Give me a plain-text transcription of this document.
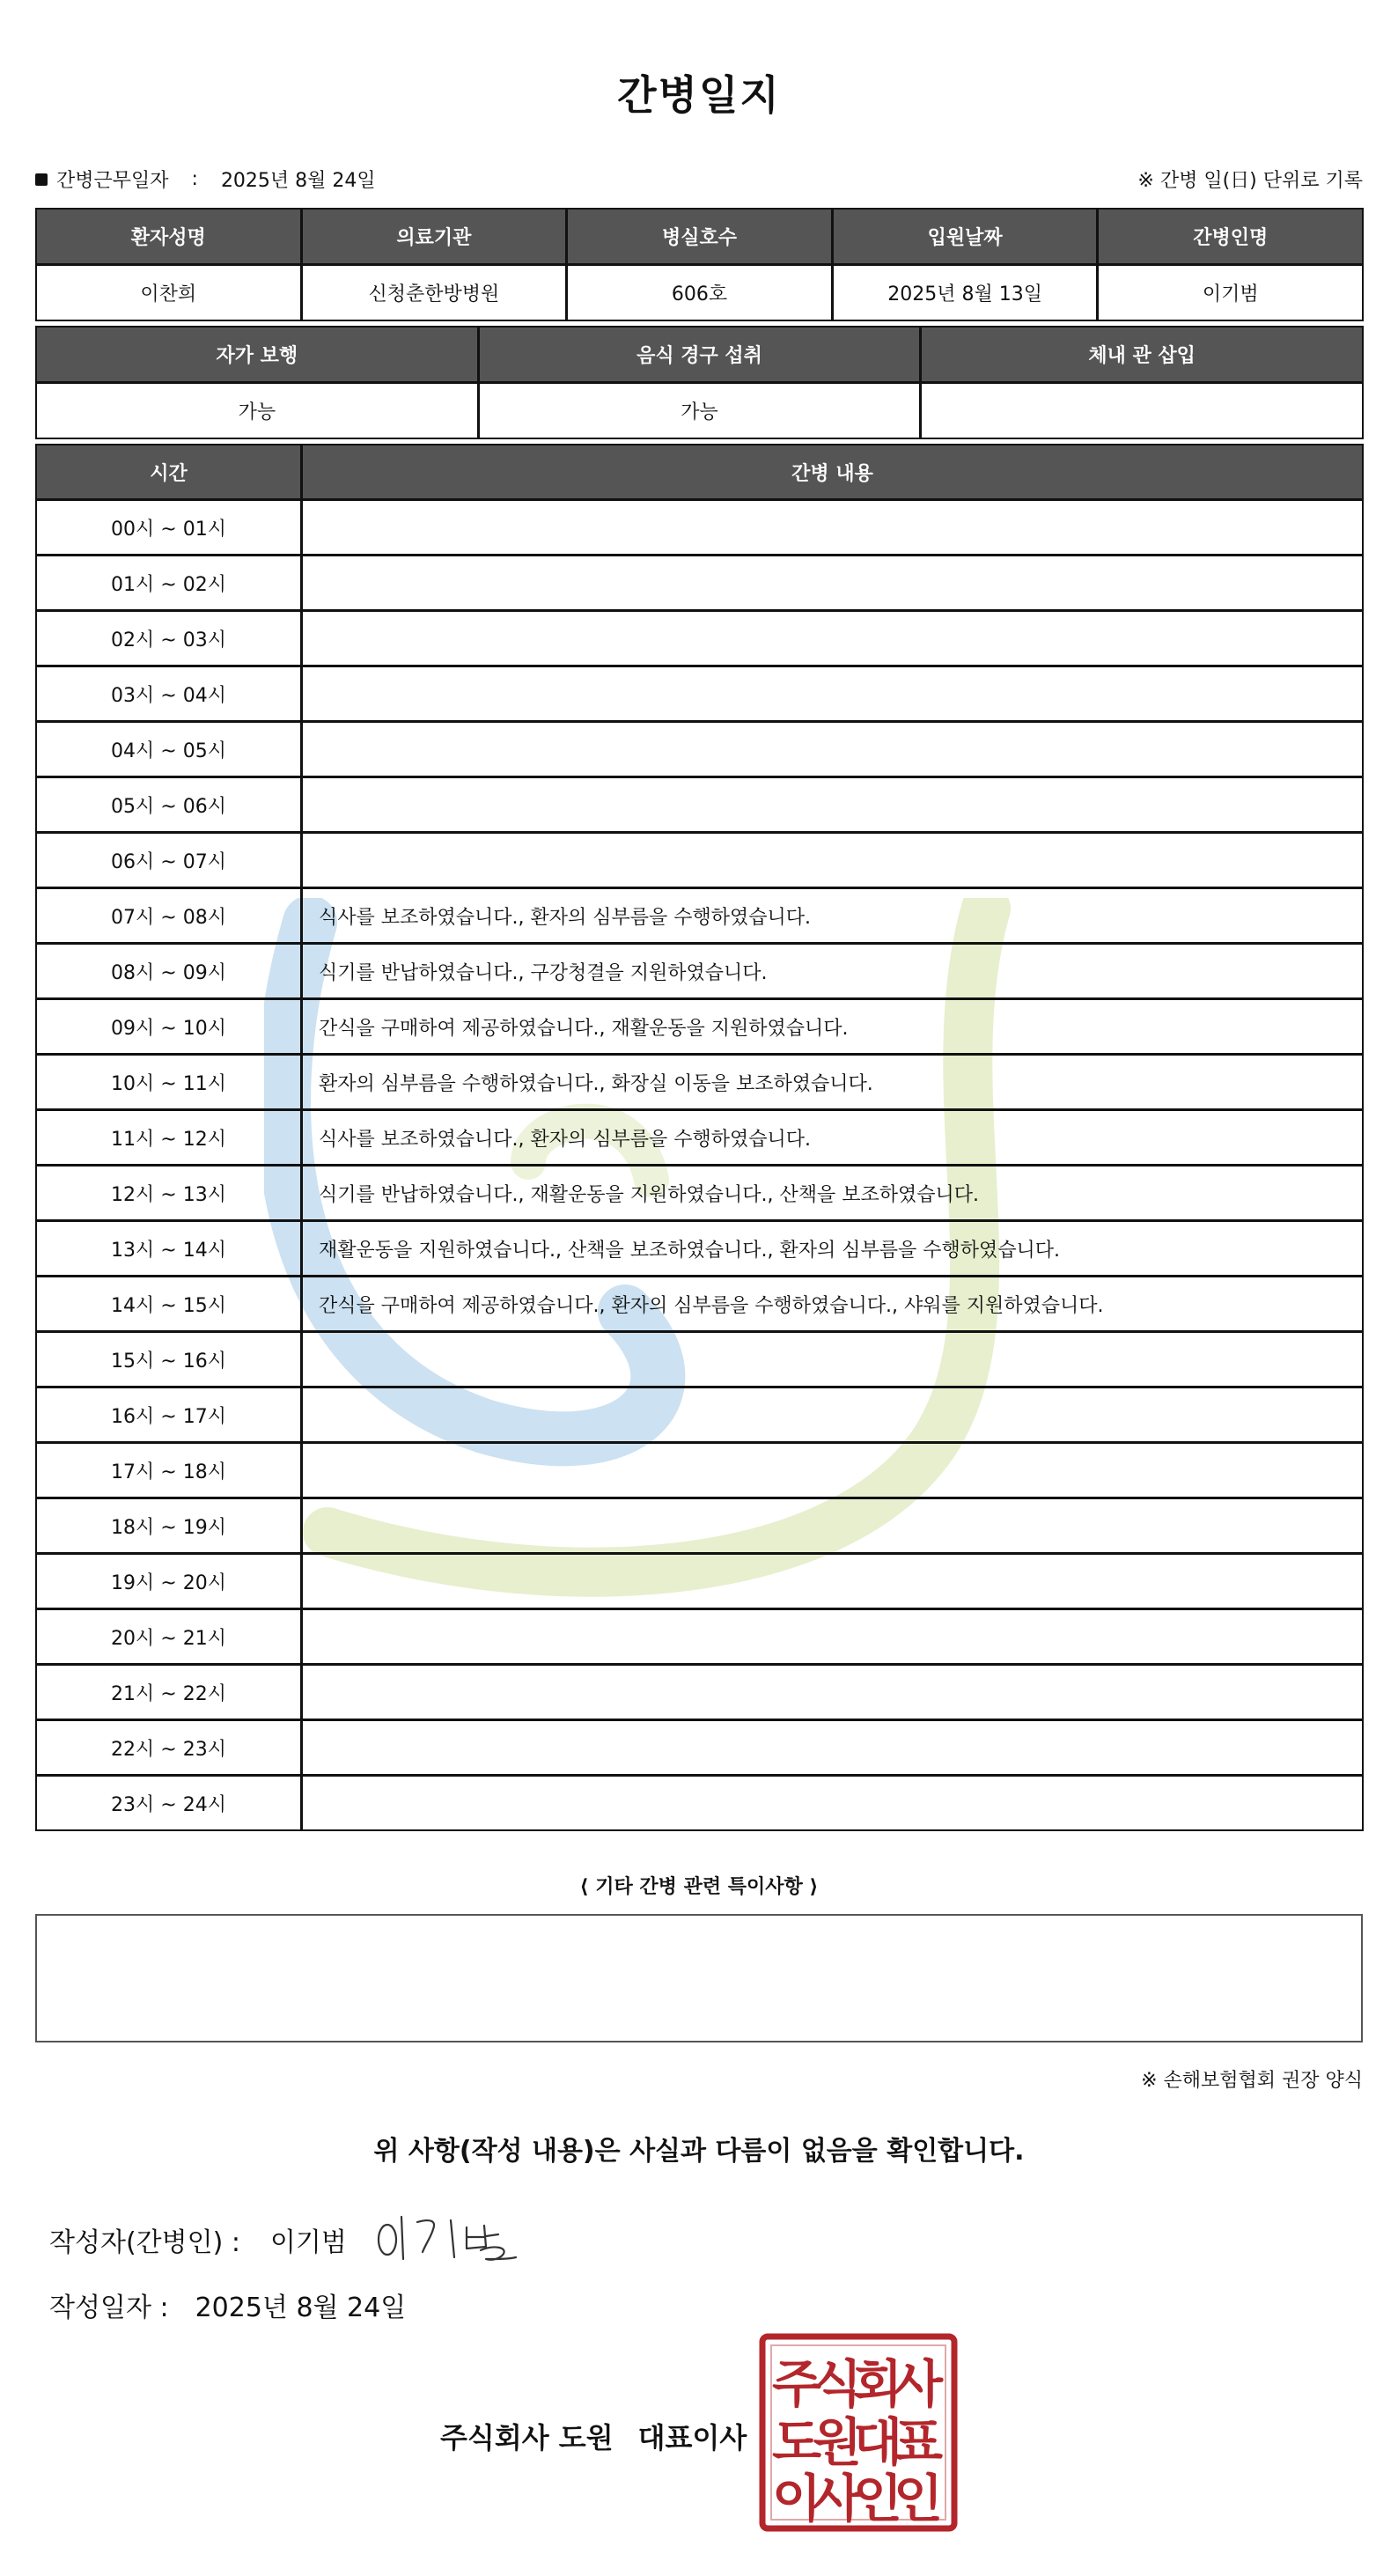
간병일지
간병근무일자 : 2025년 8월 24일	※ 간병 일(日) 단위로 기록
환자성명	의료기관	병실호수	입원날짜	간병인명
이찬희	신청춘한방병원	606호	2025년 8월 13일	이기범
자가 보행	음식 경구 섭취	체내 관 삽입
가능	가능
시간	간병 내용
00시 ~ 01시
01시 ~ 02시
02시 ~ 03시
03시 ~ 04시
04시 ~ 05시
05시 ~ 06시
06시 ~ 07시
07시 ~ 08시	식사를 보조하였습니다., 환자의 심부름을 수행하였습니다.
08시 ~ 09시	식기를 반납하였습니다., 구강청결을 지원하였습니다.
09시 ~ 10시	간식을 구매하여 제공하였습니다., 재활운동을 지원하였습니다.
10시 ~ 11시	환자의 심부름을 수행하였습니다., 화장실 이동을 보조하였습니다.
11시 ~ 12시	식사를 보조하였습니다., 환자의 심부름을 수행하였습니다.
12시 ~ 13시	식기를 반납하였습니다., 재활운동을 지원하였습니다., 산책을 보조하였습니다.
13시 ~ 14시	재활운동을 지원하였습니다., 산책을 보조하였습니다., 환자의 심부름을 수행하였습니다.
14시 ~ 15시	간식을 구매하여 제공하였습니다., 환자의 심부름을 수행하였습니다., 샤워를 지원하였습니다.
15시 ~ 16시
16시 ~ 17시
17시 ~ 18시
18시 ~ 19시
19시 ~ 20시
20시 ~ 21시
21시 ~ 22시
22시 ~ 23시
23시 ~ 24시
⟨ 기타 간병 관련 특이사항 ⟩
※ 손해보험협회 권장 양식
위 사항(작성 내용)은 사실과 다름이 없음을 확인합니다.
작성자(간병인) : 이기범
작성일자 : 2025년 8월 24일
주식회사 도원 대표이사
주
식
회
사
도
원
대
표
이
사
인
인
